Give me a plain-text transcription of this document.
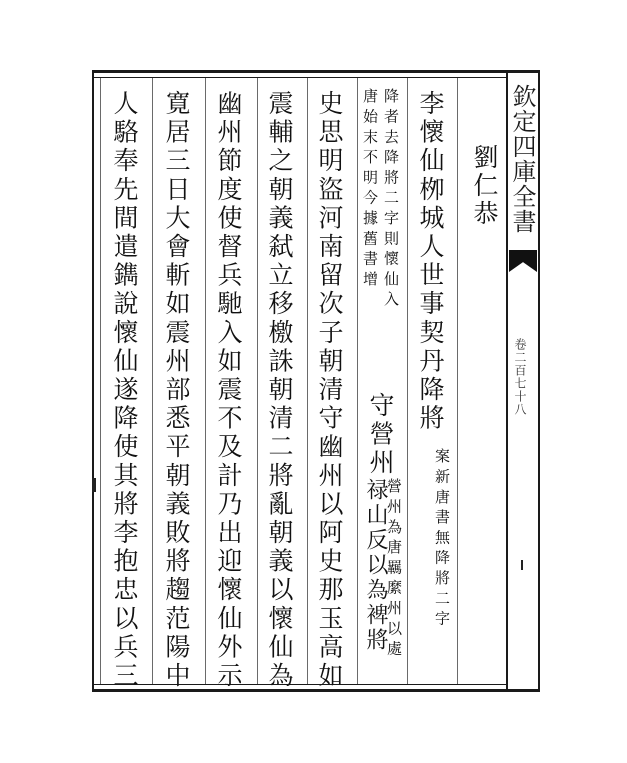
欽定四庫全書
卷二百七十八
劉仁恭
李懷仙栁城人世事契丹降將
案新唐書無降將二字
降者去降將二字則懷仙入
唐始末不明今據舊書增
守營州
營州為唐羈縻州以處
禄山反以為裨將
史思明盜河南留次子朝清守幽州以阿史那玉高如
震輔之朝義弑立移檄誅朝清二將亂朝義以懷仙為
幽州節度使督兵馳入如震不及計乃出迎懷仙外示
寛居三日大會斬如震州部悉平朝義敗將趨范陽中
人駱奉先間遣鐫說懷仙遂降使其將李抱忠以兵三
